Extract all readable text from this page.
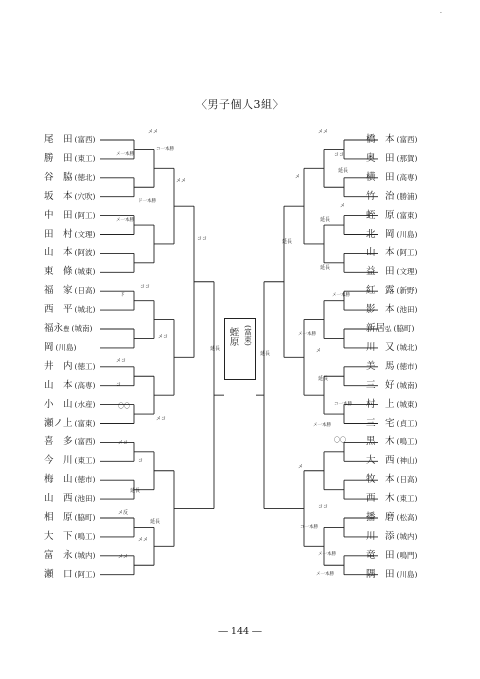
·
〈男子個人3組〉
尾　田 (富西)
勝　田 (東工)
谷　脇 (徳北)
坂　本 (穴吹)
中　田 (阿工)
田　村 (文理)
山　本 (阿波)
東　條 (城東)
福　家 (日高)
西　平 (城北)
福永豊 (城南)
岡 (川島)
井　内 (徳工)
山　本 (高専)
小　山 (水産)
瀬ノ上 (富東)
喜　多 (富西)
今　川 (東工)
梅　山 (徳市)
山　西 (池田)
相　原 (脇町)
大　下 (鳴工)
富　永 (城内)
瀬　口 (阿工)
橋　本 (富西)
奥　田 (那賀)
横　田 (高専)
竹　治 (勝浦)
蛭　原 (富東)
北　岡 (川島)
山　本 (阿工)
益　田 (文理)
紅　露 (新野)
影　本 (池田)
新居弘 (脇町)
川　又 (城北)
美　馬 (徳市)
三　好 (城南)
村　上 (城東)
三　宅 (貞工)
黒　木 (鳴工)
大　西 (神山)
牧　本 (日高)
西　木 (東工)
播　磨 (松高)
川　添 (城内)
竜　田 (鳴門)
隅　田 (川島)
メメ
コ一本勝
メ一本勝
メメ
ド一本勝
メ一本勝
ココ
ココ
ド
メコ
延長
メコ
コ
〇〇
メコ
メコ
コ
延長
メ反
延長
メメ
メメ
メメ
ココ
延長
メ
延長
メ
延長
延長
メ一本勝
メ一本勝
メ
延長
延長
コ一本勝
メ一本勝
〇〇
メ
ココ
コ一本勝
メ一本勝
メ一本勝
蛭原 (富東)
― 144 ―
